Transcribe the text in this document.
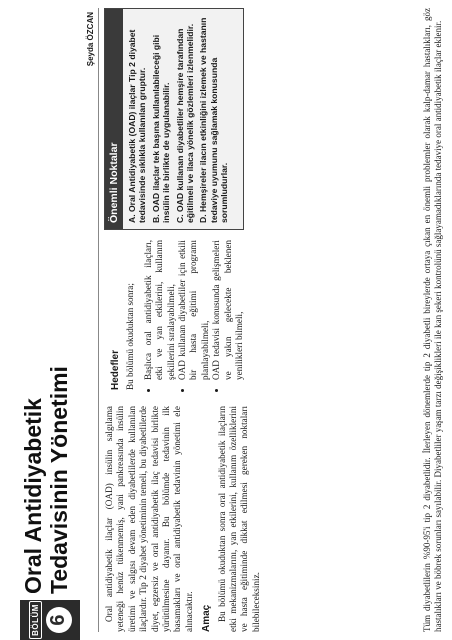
BÖLÜM 6
Oral Antidiyabetik Tedavisinin Yönetimi
Şeyda ÖZCAN

Oral antidiyabetik ilaçlar (OAD) insülin salgılama yeteneği henüz tükenmemiş, yani pankreasında insülin üretimi ve salgısı devam eden diyabetlilerde kullanılan ilaçlardır. Tip 2 diyabet yönetiminin temeli, bu diyabetlilerde diyet, egzersiz ve oral antidiyabetik ilaç tedavisi birlikte yürütülmesine dayanır. Bu bölümde tedavinin ilk basamakları ve oral antidiyabetik tedavinin yönetimi ele alınacaktır. Amaç Bu bölümü okuduktan sonra oral antidiyabetik ilaçların etki mekanizmalarını, yan etkilerini, kullanım özelliklerini ve hasta eğitiminde dikkat edilmesi gereken noktaları bilebileceksiniz.

Hedefler Bu bölümü okuduktan sonra; • Başlıca oral antidiyabetik ilaçları, etki ve yan etkilerini, kullanım şekillerini sıralayabilmeli, • OAD kullanan diyabetliler için etkili bir hasta eğitimi programı planlayabilmeli, • OAD tedavisi konusunda gelişmeleri ve yakın gelecekte beklenen yenilikleri bilmeli,
Önemli Noktalar A. Oral Antidiyabetik (OAD) ilaçlar Tip 2 diyabet tedavisinde sıklıkla kullanılan gruptur. B. OAD ilaçlar tek başına kullanılabileceği gibi insülin ile birlikte de uygulanabilir. C. OAD kullanan diyabetliler hemşire tarafından eğitilmeli ve ilaca yönelik gözlemleri izlenmelidir. D. Hemşireler ilacın etkinliğini izlemek ve hastanın tedaviye uyumunu sağlamak konusunda sorumludurlar.	Tüm diyabetlilerin %90-95'i tip 2 diyabetlidir. İlerleyen dönemlerde tip 2 diyabetli bireylerde ortaya çıkan en önemli problemler olarak kalp-damar hastalıkları, göz hastalıkları ve böbrek sorunları sayılabilir. Diyabetliler yaşam tarzı değişiklikleri ile kan şekeri kontrolünü sağlayamadıklarında tedaviye oral antidiyabetik ilaçlar eklenir.
